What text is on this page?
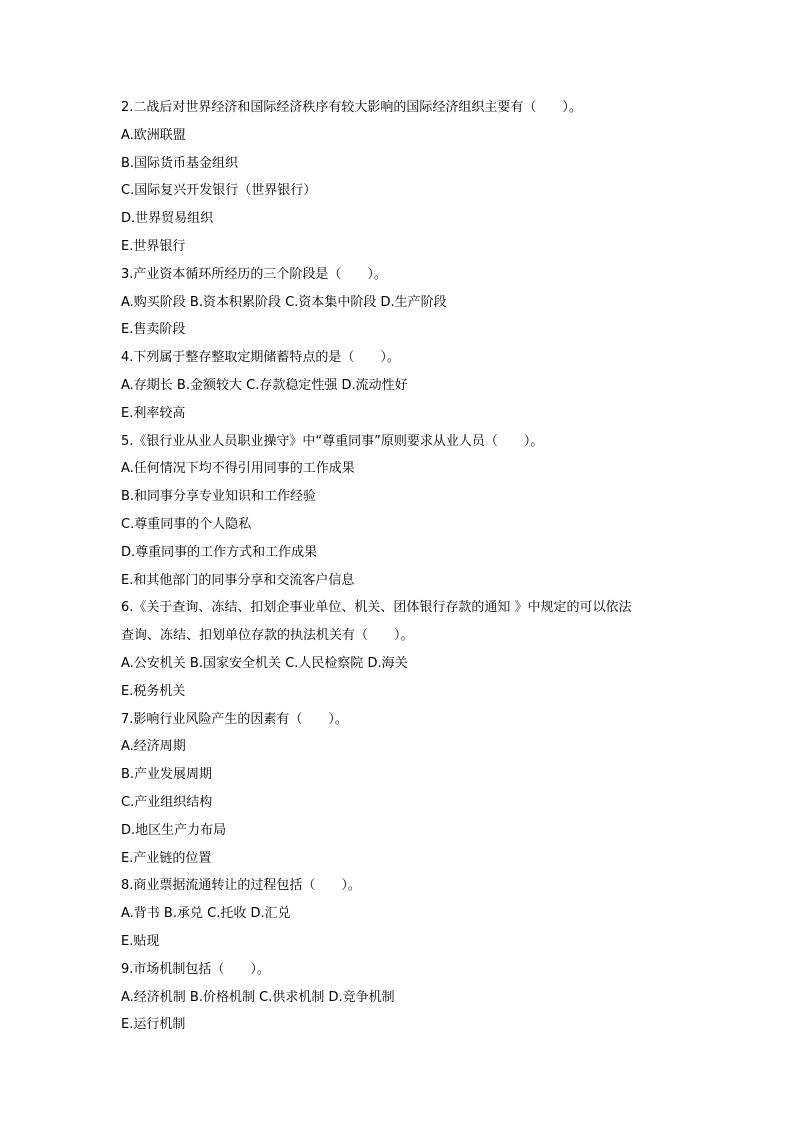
2.二战后对世界经济和国际经济秩序有较大影响的国际经济组织主要有（　　）。
A.欧洲联盟
B.国际货币基金组织
C.国际复兴开发银行（世界银行）
D.世界贸易组织
E.世界银行
3.产业资本循环所经历的三个阶段是（　　）。
A.购买阶段 B.资本积累阶段 C.资本集中阶段 D.生产阶段
E.售卖阶段
4.下列属于整存整取定期储蓄特点的是（　　）。
A.存期长 B.金额较大 C.存款稳定性强 D.流动性好
E.利率较高
5.《银行业从业人员职业操守》中“尊重同事”原则要求从业人员（　　）。
A.任何情况下均不得引用同事的工作成果
B.和同事分享专业知识和工作经验
C.尊重同事的个人隐私
D.尊重同事的工作方式和工作成果
E.和其他部门的同事分享和交流客户信息
6.《关于查询、冻结、扣划企事业单位、机关、团体银行存款的通知 》中规定的可以依法
查询、冻结、扣划单位存款的执法机关有（　　）。
A.公安机关 B.国家安全机关 C.人民检察院 D.海关
E.税务机关
7.影响行业风险产生的因素有（　　）。
A.经济周期
B.产业发展周期
C.产业组织结构
D.地区生产力布局
E.产业链的位置
8.商业票据流通转让的过程包括（　　）。
A.背书 B.承兑 C.托收 D.汇兑
E.贴现
9.市场机制包括（　　）。
A.经济机制 B.价格机制 C.供求机制 D.竞争机制
E.运行机制
